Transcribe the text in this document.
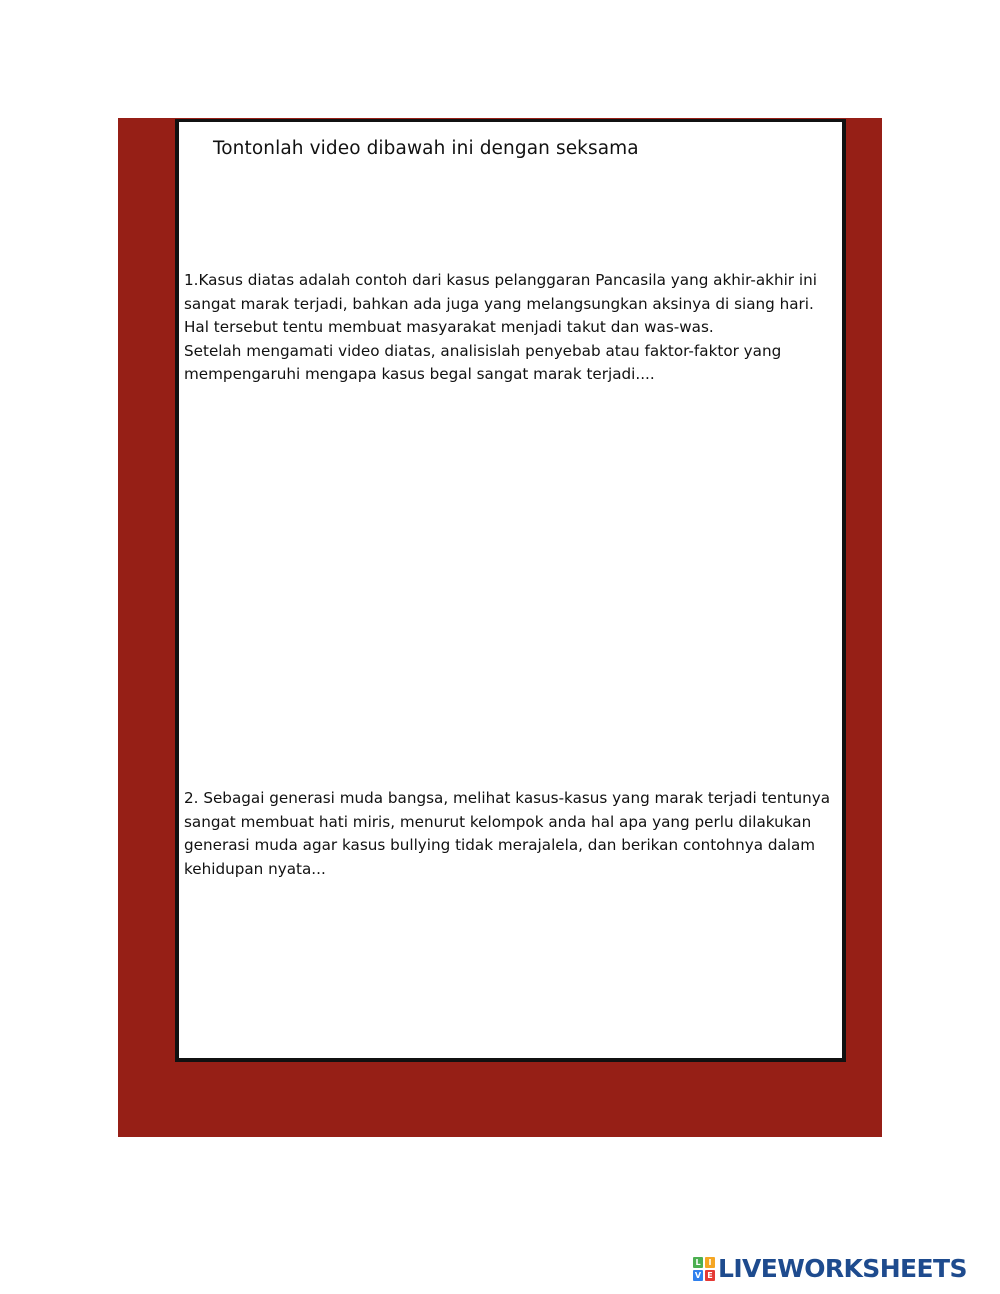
Tontonlah video dibawah ini dengan seksama
1.Kasus diatas adalah contoh dari kasus pelanggaran Pancasila yang akhir-akhir ini
sangat marak terjadi, bahkan ada juga yang melangsungkan aksinya di siang hari.
Hal tersebut tentu membuat masyarakat menjadi takut dan was-was.
Setelah mengamati video diatas, analisislah penyebab atau faktor-faktor yang
mempengaruhi mengapa kasus begal sangat marak terjadi....
2. Sebagai generasi muda bangsa, melihat kasus-kasus yang marak terjadi tentunya
sangat membuat hati miris, menurut kelompok anda hal apa yang perlu dilakukan
generasi muda agar kasus bullying tidak merajalela, dan berikan contohnya dalam
kehidupan nyata...
L I
V E LIVEWORKSHEETS
